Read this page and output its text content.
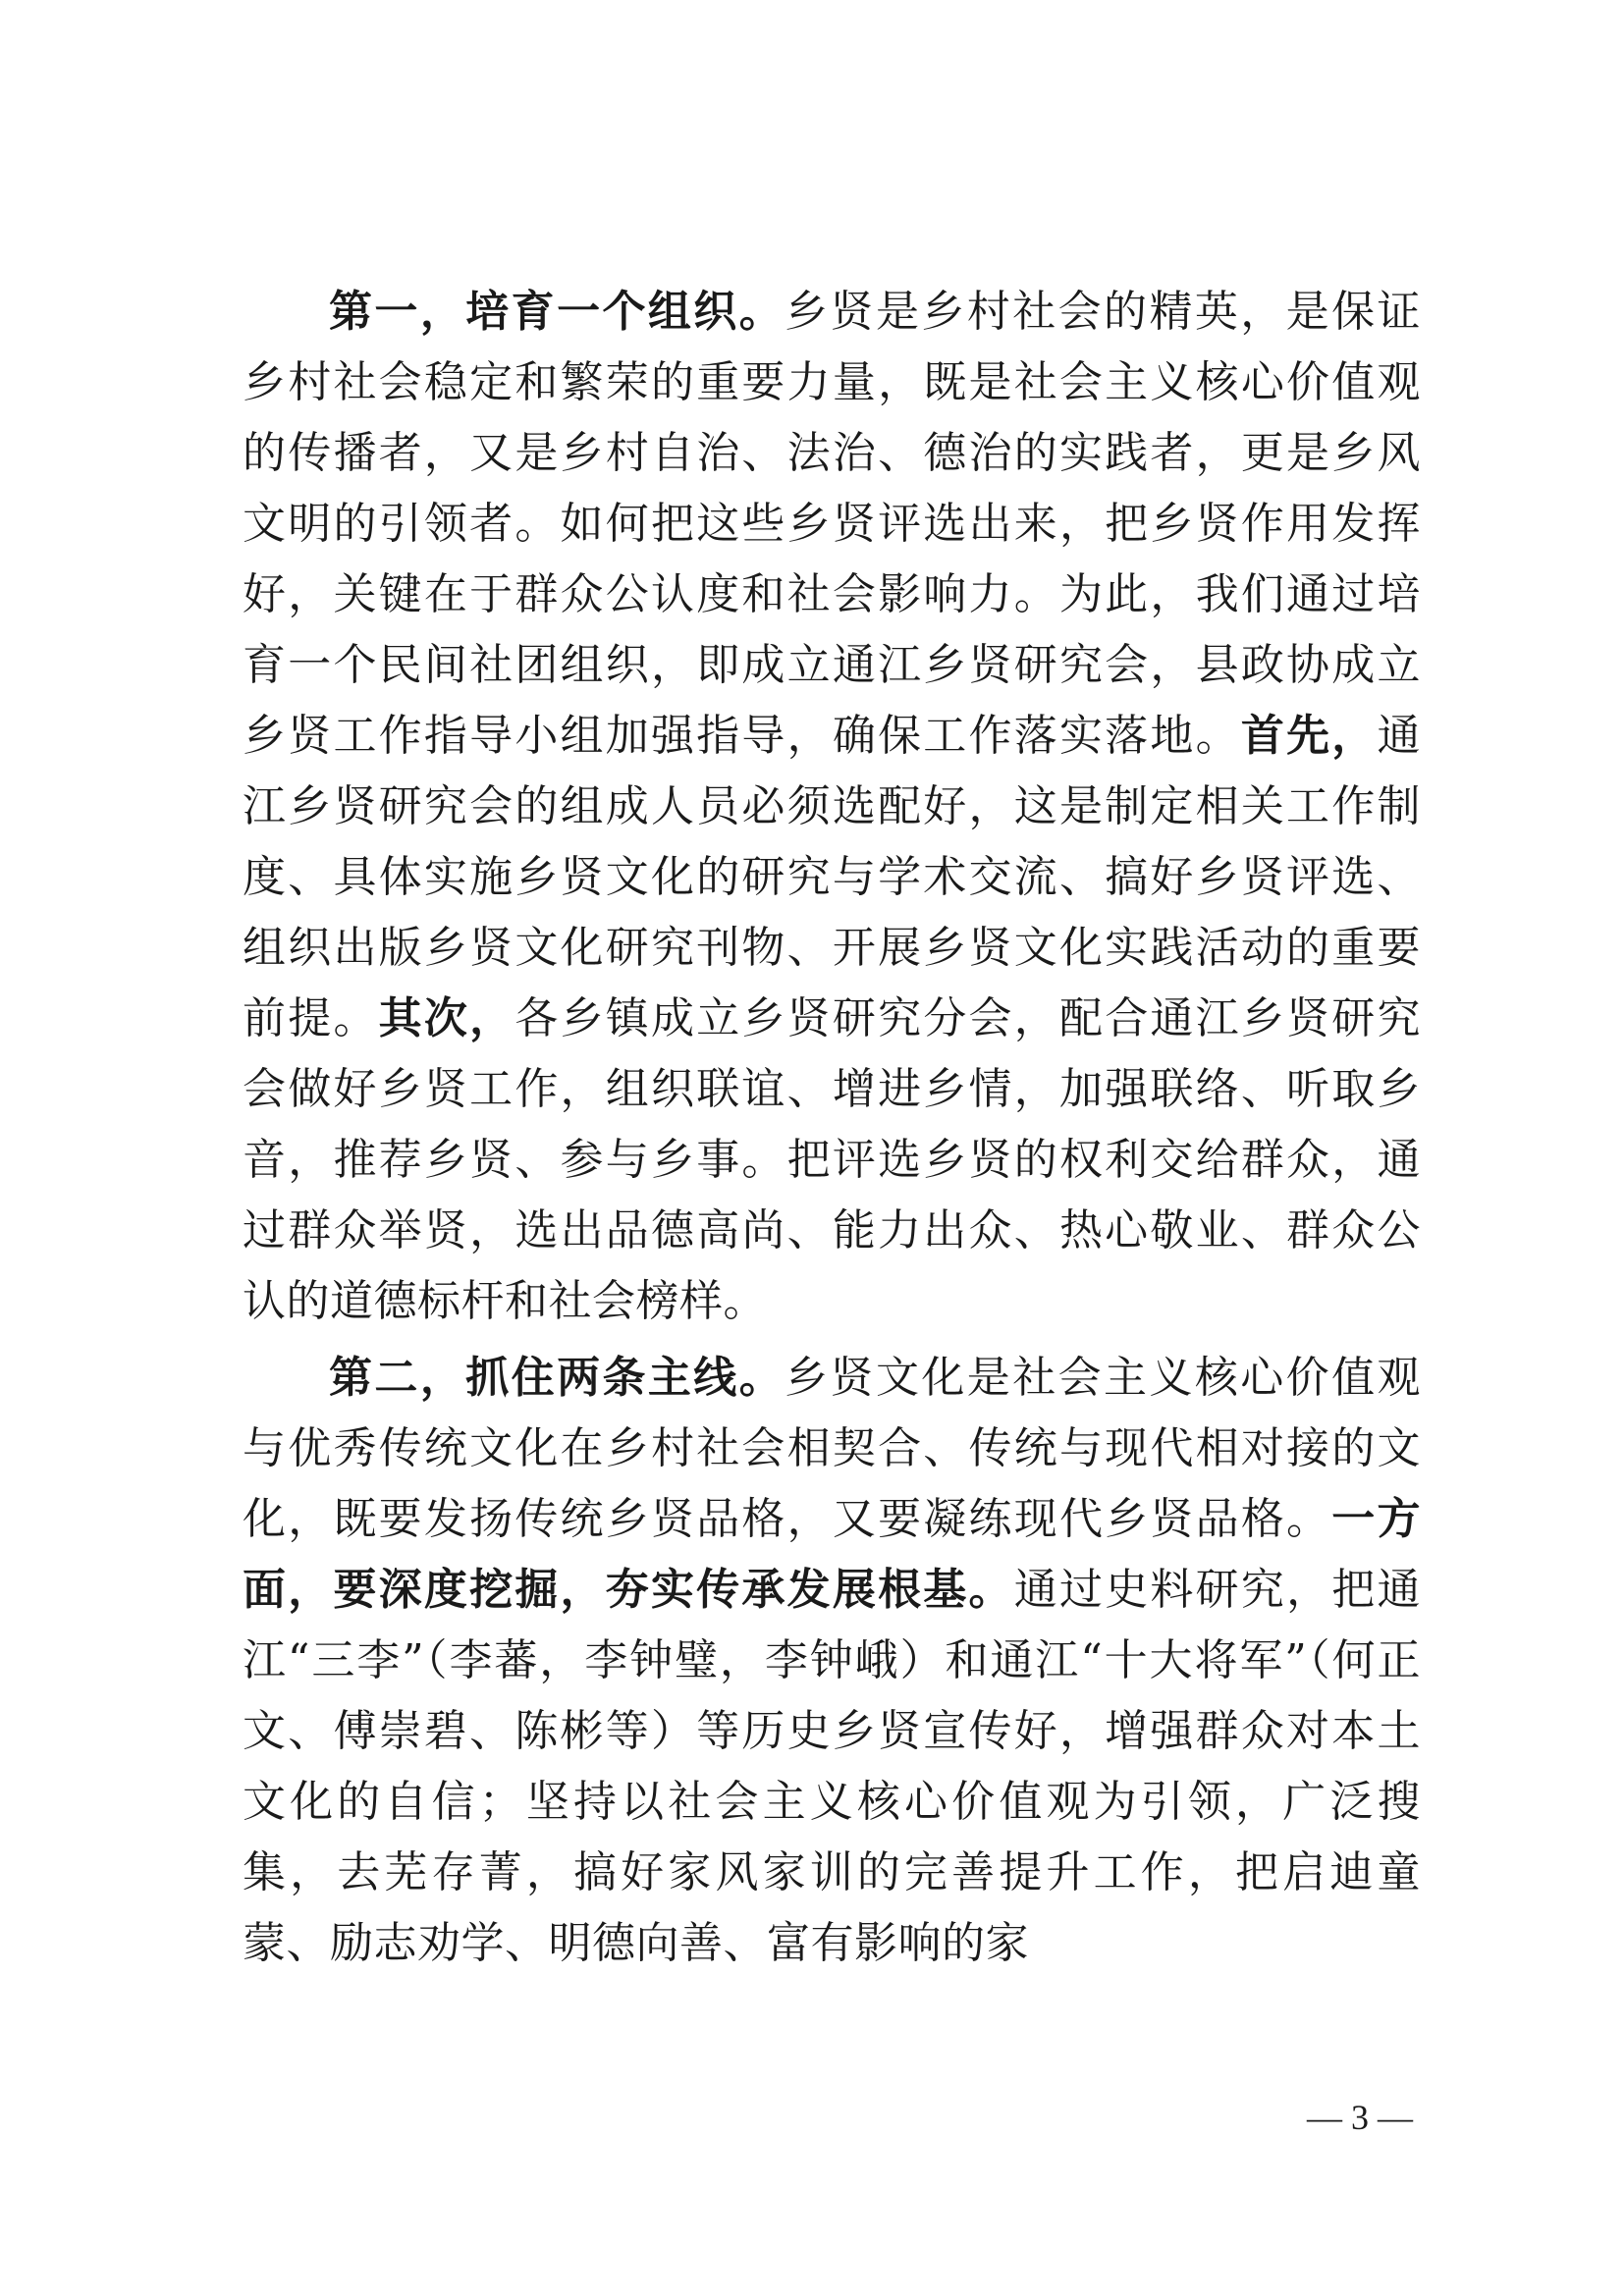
第一，培育一个组织。乡贤是乡村社会的精英，是保证乡村社会稳定和繁荣的重要力量，既是社会主义核心价值观的传播者，又是乡村自治、法治、德治的实践者，更是乡风文明的引领者。如何把这些乡贤评选出来，把乡贤作用发挥好，关键在于群众公认度和社会影响力。为此，我们通过培育一个民间社团组织，即成立通江乡贤研究会，县政协成立乡贤工作指导小组加强指导，确保工作落实落地。首先，通江乡贤研究会的组成人员必须选配好，这是制定相关工作制度、具体实施乡贤文化的研究与学术交流、搞好乡贤评选、组织出版乡贤文化研究刊物、开展乡贤文化实践活动的重要前提。其次，各乡镇成立乡贤研究分会，配合通江乡贤研究会做好乡贤工作，组织联谊、增进乡情，加强联络、听取乡音，推荐乡贤、参与乡事。把评选乡贤的权利交给群众，通过群众举贤，选出品德高尚、能力出众、热心敬业、群众公认的道德标杆和社会榜样。

第二，抓住两条主线。乡贤文化是社会主义核心价值观与优秀传统文化在乡村社会相契合、传统与现代相对接的文化，既要发扬传统乡贤品格，又要凝练现代乡贤品格。一方面，要深度挖掘，夯实传承发展根基。通过史料研究，把通江“三李”（李蕃，李钟璧，李钟峨）和通江“十大将军”（何正文、傅崇碧、陈彬等）等历史乡贤宣传好，增强群众对本土文化的自信；坚持以社会主义核心价值观为引领，广泛搜集，去芜存菁，搞好家风家训的完善提升工作，把启迪童蒙、励志劝学、明德向善、富有影响的家

— 3 —
